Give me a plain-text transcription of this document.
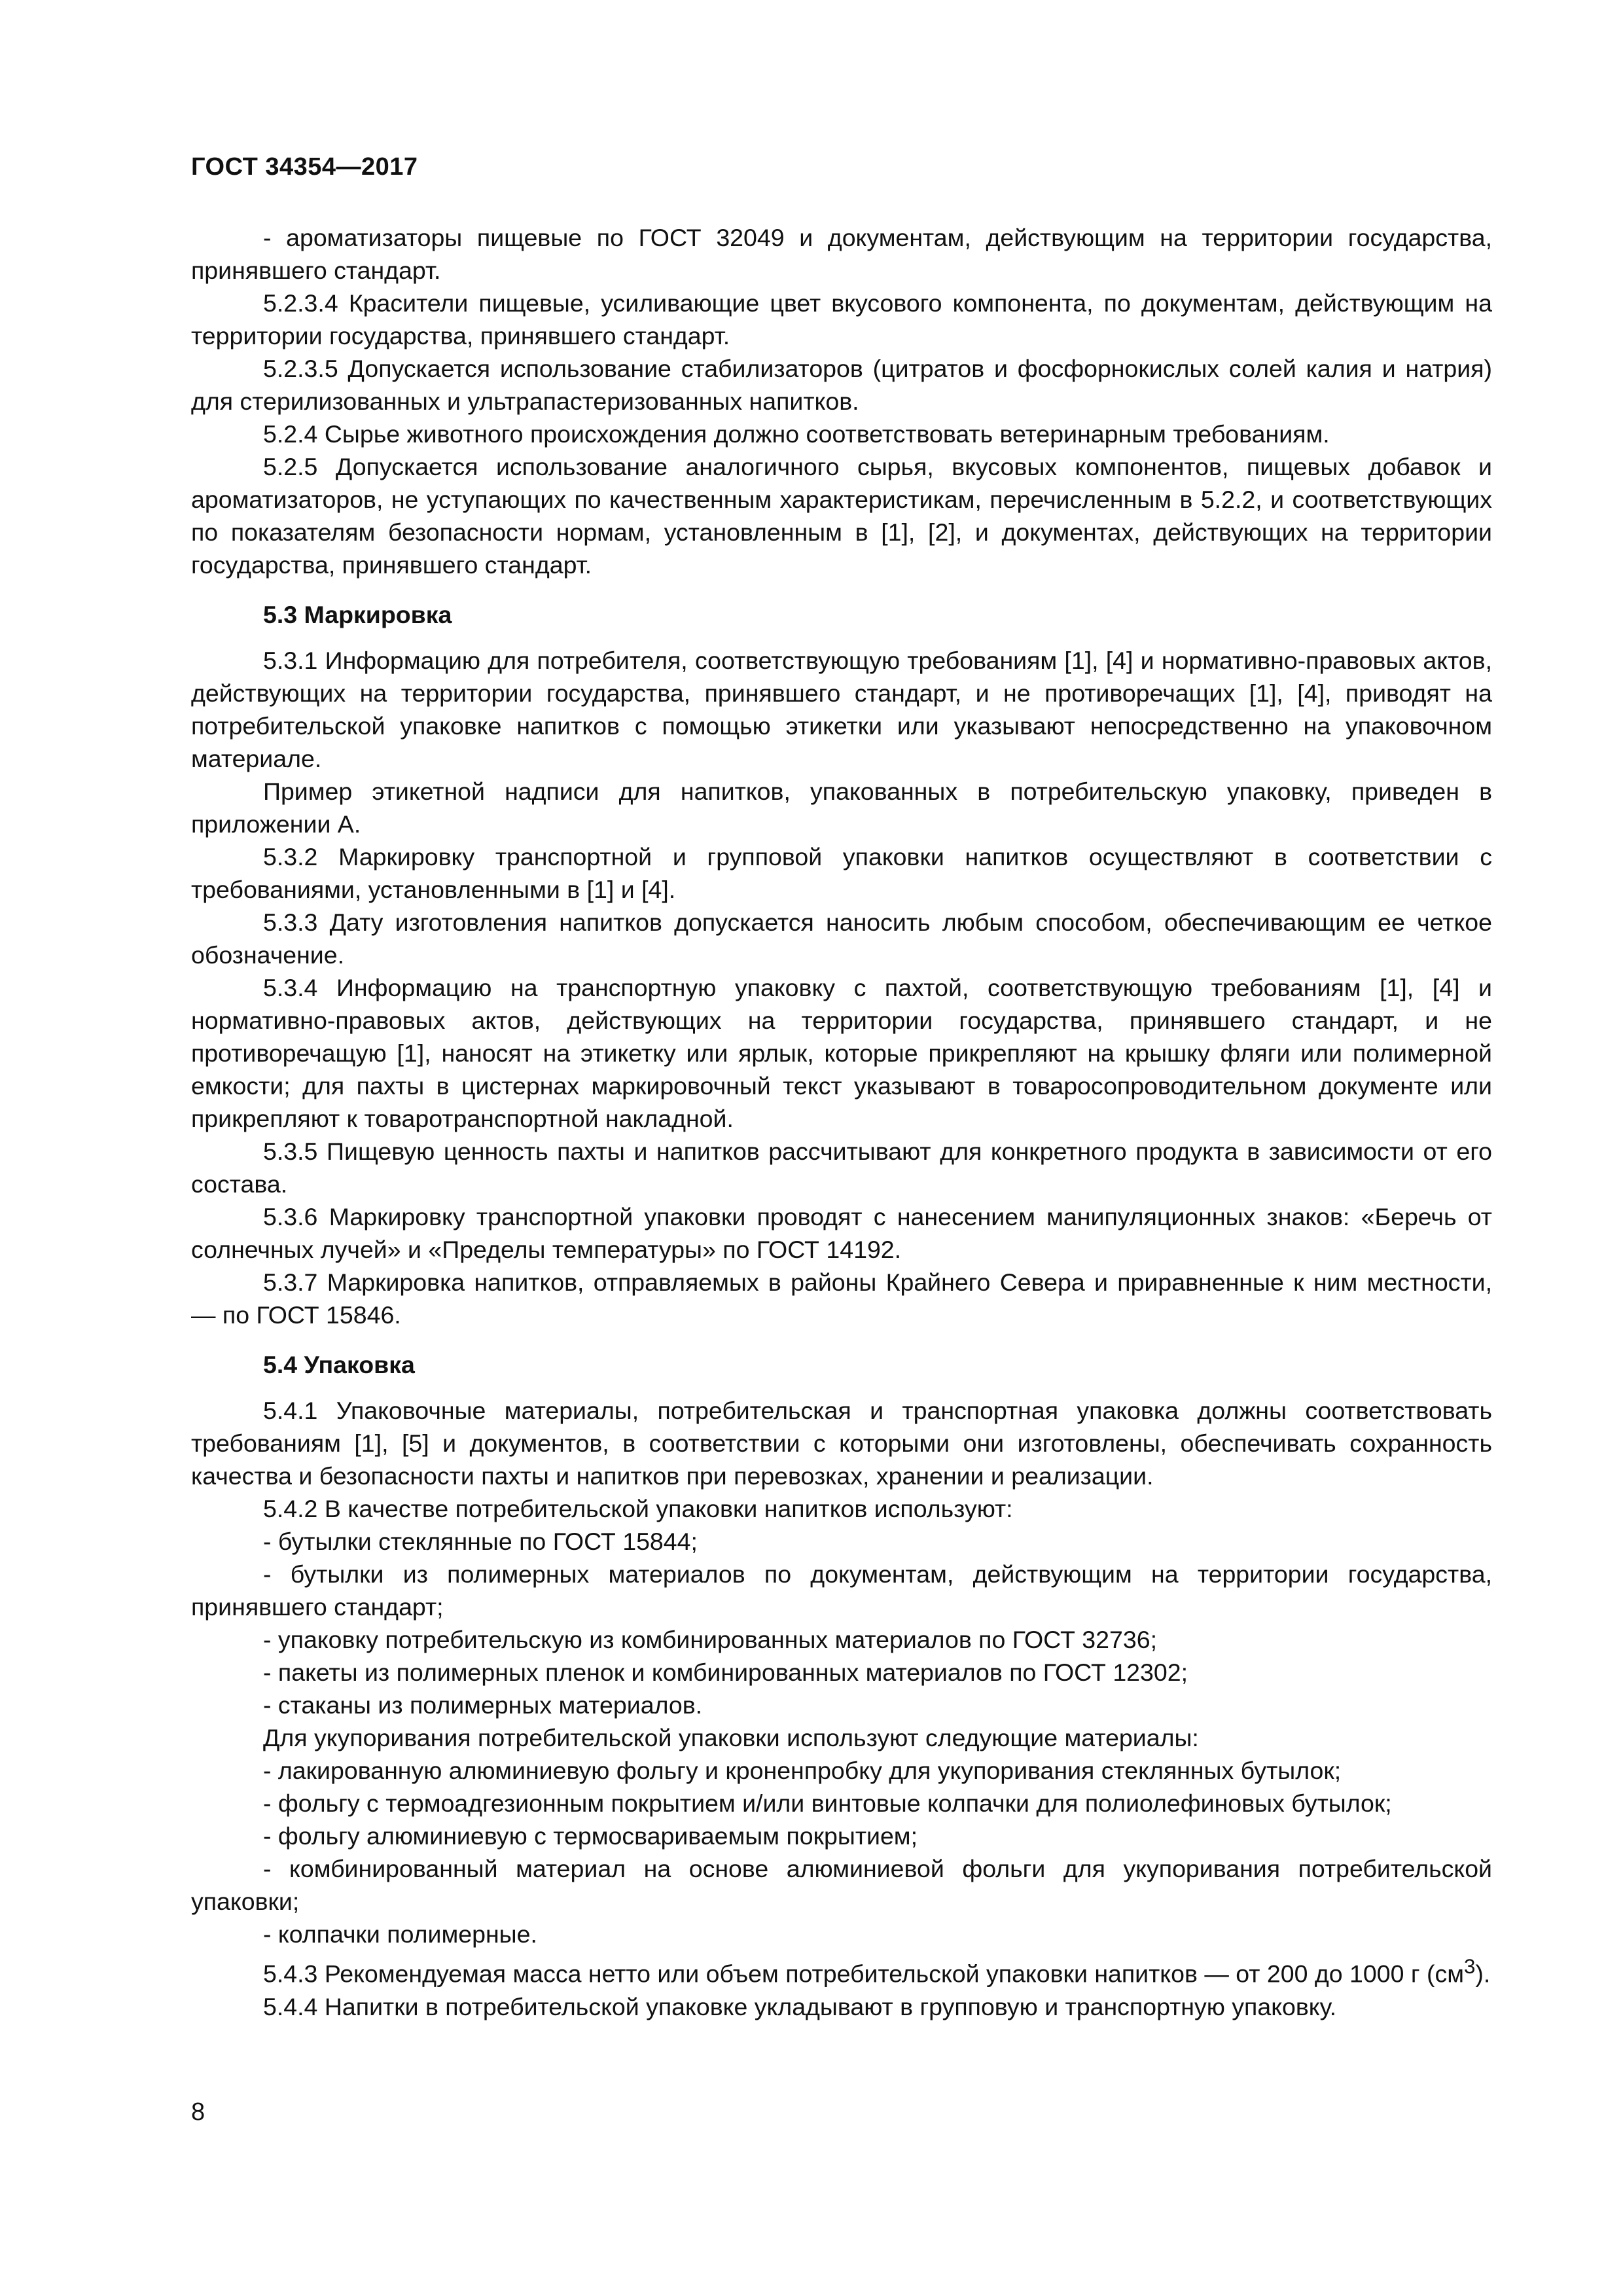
ГОСТ 34354—2017

- ароматизаторы пищевые по ГОСТ 32049 и документам, действующим на территории государства, принявшего стандарт.

5.2.3.4 Красители пищевые, усиливающие цвет вкусового компонента, по документам, действующим на территории государства, принявшего стандарт.

5.2.3.5 Допускается использование стабилизаторов (цитратов и фосфорнокислых солей калия и натрия) для стерилизованных и ультрапастеризованных напитков.

5.2.4 Сырье животного происхождения должно соответствовать ветеринарным требованиям.

5.2.5 Допускается использование аналогичного сырья, вкусовых компонентов, пищевых добавок и ароматизаторов, не уступающих по качественным характеристикам, перечисленным в 5.2.2, и соответствующих по показателям безопасности нормам, установленным в [1], [2], и документах, действующих на территории государства, принявшего стандарт.

5.3 Маркировка

5.3.1 Информацию для потребителя, соответствующую требованиям [1], [4] и нормативно-правовых актов, действующих на территории государства, принявшего стандарт, и не противоречащих [1], [4], приводят на потребительской упаковке напитков с помощью этикетки или указывают непосредственно на упаковочном материале.

Пример этикетной надписи для напитков, упакованных в потребительскую упаковку, приведен в приложении А.

5.3.2 Маркировку транспортной и групповой упаковки напитков осуществляют в соответствии с требованиями, установленными в [1] и [4].

5.3.3 Дату изготовления напитков допускается наносить любым способом, обеспечивающим ее четкое обозначение.

5.3.4 Информацию на транспортную упаковку с пахтой, соответствующую требованиям [1], [4] и нормативно-правовых актов, действующих на территории государства, принявшего стандарт, и не противоречащую [1], наносят на этикетку или ярлык, которые прикрепляют на крышку фляги или полимерной емкости; для пахты в цистернах маркировочный текст указывают в товаросопроводительном документе или прикрепляют к товаротранспортной накладной.

5.3.5 Пищевую ценность пахты и напитков рассчитывают для конкретного продукта в зависимости от его состава.

5.3.6 Маркировку транспортной упаковки проводят с нанесением манипуляционных знаков: «Беречь от солнечных лучей» и «Пределы температуры» по ГОСТ 14192.

5.3.7 Маркировка напитков, отправляемых в районы Крайнего Севера и приравненные к ним местности, — по ГОСТ 15846.

5.4 Упаковка

5.4.1 Упаковочные материалы, потребительская и транспортная упаковка должны соответствовать требованиям [1], [5] и документов, в соответствии с которыми они изготовлены, обеспечивать сохранность качества и безопасности пахты и напитков при перевозках, хранении и реализации.

5.4.2 В качестве потребительской упаковки напитков используют:

- бутылки стеклянные по ГОСТ 15844;

- бутылки из полимерных материалов по документам, действующим на территории государства, принявшего стандарт;

- упаковку потребительскую из комбинированных материалов по ГОСТ 32736;

- пакеты из полимерных пленок и комбинированных материалов по ГОСТ 12302;

- стаканы из полимерных материалов.

Для укупоривания потребительской упаковки используют следующие материалы:

- лакированную алюминиевую фольгу и кроненпробку для укупоривания стеклянных бутылок;

- фольгу с термоадгезионным покрытием и/или винтовые колпачки для полиолефиновых бутылок;

- фольгу алюминиевую с термосвариваемым покрытием;

- комбинированный материал на основе алюминиевой фольги для укупоривания потребительской упаковки;

- колпачки полимерные.

5.4.3 Рекомендуемая масса нетто или объем потребительской упаковки напитков — от 200 до 1000 г $(см^3)$.

5.4.4 Напитки в потребительской упаковке укладывают в групповую и транспортную упаковку.

8
